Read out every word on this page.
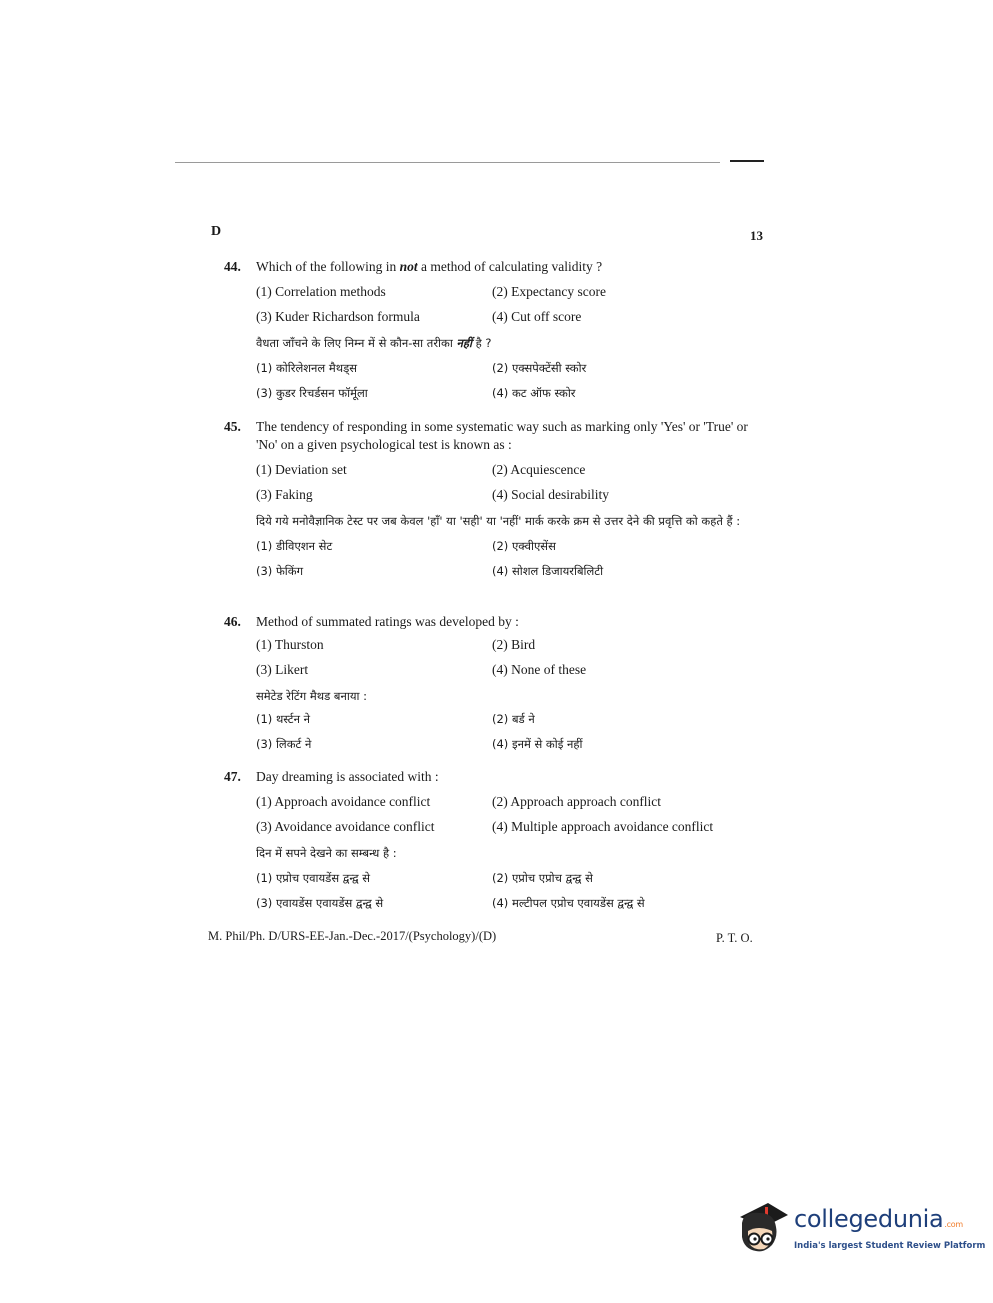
D	13
44.	Which of the following in not a method of calculating validity ?
(1) Correlation methods	(2) Expectancy score
(3) Kuder Richardson formula	(4) Cut off score
वैधता जाँचने के लिए निम्न में से कौन-सा तरीका नहीं है ?
(1) कोरिलेशनल मैथड्स	(2) एक्सपेक्टेंसी स्कोर
(3) कुडर रिचर्डसन फॉर्मूला	(4) कट ऑफ स्कोर
45.	The tendency of responding in some systematic way such as marking only 'Yes' or 'True' or 'No' on a given psychological test is known as :
(1) Deviation set	(2) Acquiescence
(3) Faking	(4) Social desirability
दिये गये मनोवैज्ञानिक टेस्ट पर जब केवल 'हाँ' या 'सही' या 'नहीं' मार्क करके क्रम से उत्तर देने की प्रवृत्ति को कहते हैं :
(1) डीविएशन सेट	(2) एक्वीएसेंस
(3) फेकिंग	(4) सोशल डिजायरबिलिटी
46.	Method of summated ratings was developed by :
(1) Thurston	(2) Bird
(3) Likert	(4) None of these
समेटेड रेटिंग मैथड बनाया :
(1) थर्स्टन ने	(2) बर्ड ने
(3) लिकर्ट ने	(4) इनमें से कोई नहीं
47.	Day dreaming is associated with :
(1) Approach avoidance conflict	(2) Approach approach conflict
(3) Avoidance avoidance conflict	(4) Multiple approach avoidance conflict
दिन में सपने देखने का सम्बन्ध है :
(1) एप्रोच एवायडेंस द्वन्द्व से	(2) एप्रोच एप्रोच द्वन्द्व से
(3) एवायडेंस एवायडेंस द्वन्द्व से	(4) मल्टीपल एप्रोच एवायडेंस द्वन्द्व से
M. Phil/Ph. D/URS-EE-Jan.-Dec.-2017/(Psychology)/(D)	P. T. O.
collegedunia.com
India's largest Student Review Platform
